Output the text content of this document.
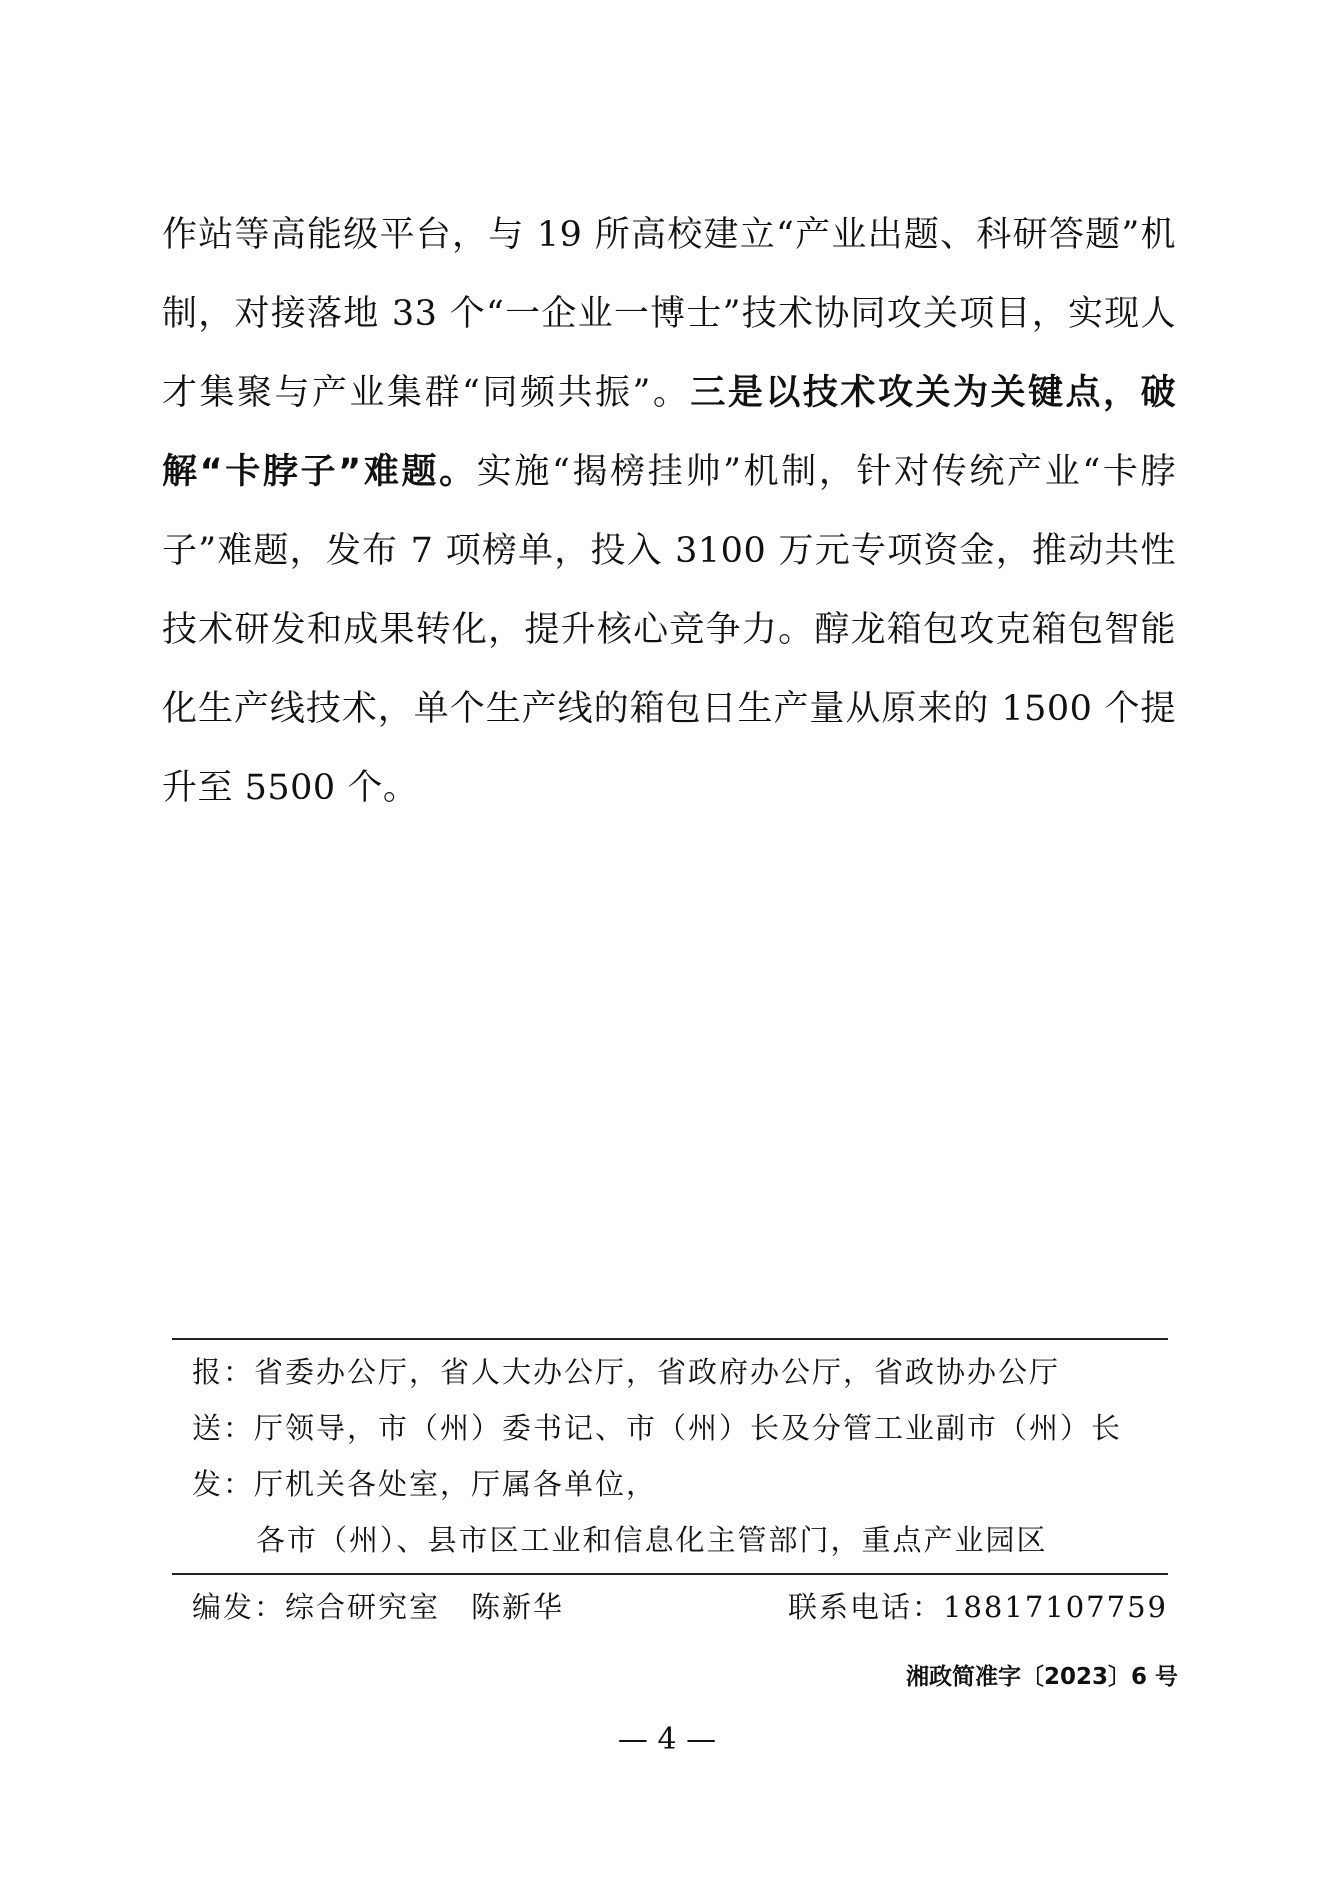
作站等高能级平台，与 19 所高校建立“产业出题、科研答题”机制，对接落地 33 个“一企业一博士”技术协同攻关项目，实现人才集聚与产业集群“同频共振”。三是以技术攻关为关键点，破解“卡脖子”难题。实施“揭榜挂帅”机制，针对传统产业“卡脖子”难题，发布 7 项榜单，投入 3100 万元专项资金，推动共性技术研发和成果转化，提升核心竞争力。醇龙箱包攻克箱包智能化生产线技术，单个生产线的箱包日生产量从原来的 1500 个提升至 5500 个。
报：省委办公厅，省人大办公厅，省政府办公厅，省政协办公厅
送：厅领导，市（州）委书记、市（州）长及分管工业副市（州）长
发：厅机关各处室，厅属各单位，
各市（州）、县市区工业和信息化主管部门，重点产业园区
编发：综合研究室　陈新华	联系电话：18817107759
湘政简准字〔2023〕6 号
— 4 —
